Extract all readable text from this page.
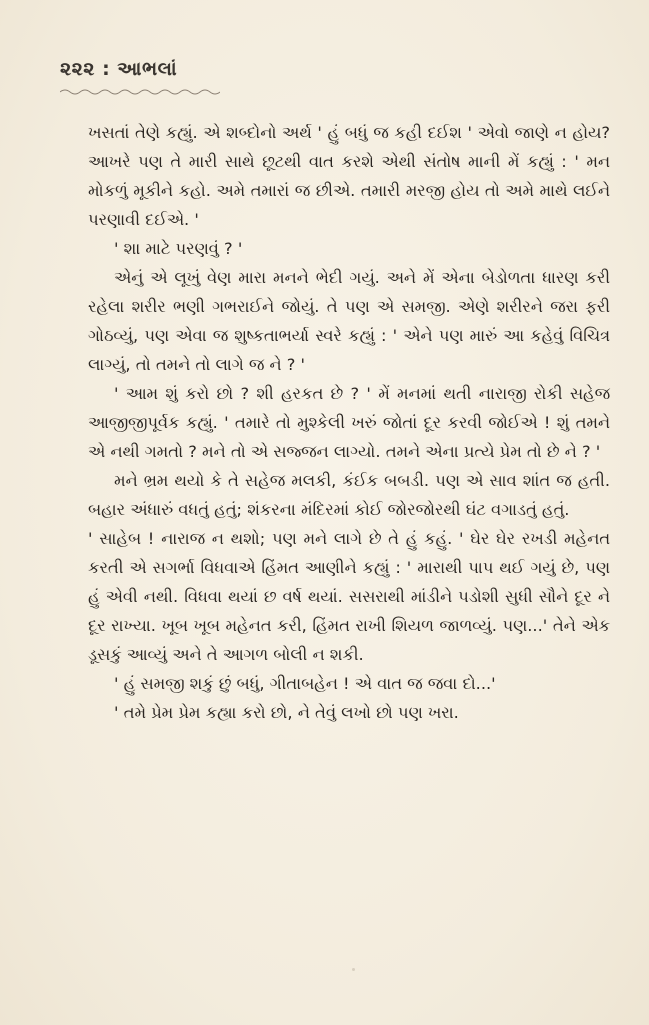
૨૨૨ : આભલાં

ખસતાં તેણે કહ્યું. એ શબ્દોનો અર્થ ' હું બધું જ કહી દઈશ ' એવો જાણે ન હોય? આખરે પણ તે મારી સાથે છૂટથી વાત કરશે એથી સંતોષ માની મેં કહ્યું : ' મન મોકળું મૂકીને કહો. અમે તમારાં જ છીએ. તમારી મરજી હોય તો અમે માથે લઈને પરણાવી દઈએ. '

' શા માટે પરણવું ? '

એનું એ લૂખું વેણ મારા મનને ભેદી ગયું. અને મેં એના બેડોળતા ધારણ કરી રહેલા શરીર ભણી ગભરાઈને જોયું. તે પણ એ સમજી. એણે શરીરને જરા ફરી ગોઠવ્યું, પણ એવા જ શુષ્કતાભર્યા સ્વરે કહ્યું : ' એને પણ મારું આ કહેવું વિચિત્ર લાગ્યું, તો તમને તો લાગે જ ને ? '

' આમ શું કરો છો ? શી હરકત છે ? ' મેં મનમાં થતી નારાજી રોકી સહેજ આજીજીપૂર્વક કહ્યું. ' તમારે તો મુશ્કેલી ખરું જોતાં દૂર કરવી જોઈએ ! શું તમને એ નથી ગમતો ? મને તો એ સજ્જન લાગ્યો. તમને એના પ્રત્યે પ્રેમ તો છે ને ? '

મને ભ્રમ થયો કે તે સહેજ મલકી, કંઈક બબડી. પણ એ સાવ શાંત જ હતી. બહાર અંધારું વધતું હતું; શંકરના મંદિરમાં કોઈ જોરજોરથી ઘંટ વગાડતું હતું.

' સાહેબ ! નારાજ ન થશો; પણ મને લાગે છે તે હું કહું. ' ઘેર ઘેર રખડી મહેનત કરતી એ સગર્ભા વિધવાએ હિંમત આણીને કહ્યું : ' મારાથી પાપ થઈ ગયું છે, પણ હું એવી નથી. વિધવા થયાં છ વર્ષ થયાં. સસરાથી માંડીને પડોશી સુધી સૌને દૂર ને દૂર રાખ્યા. ખૂબ ખૂબ મહેનત કરી, હિંમત રાખી શિયળ જાળવ્યું. પણ...' તેને એક ડૂસકું આવ્યું અને તે આગળ બોલી ન શકી.

' હું સમજી શકું છું બધું, ગીતાબહેન ! એ વાત જ જવા દો...'

' તમે પ્રેમ પ્રેમ કહ્યા કરો છો, ને તેવું લખો છો પણ ખરા.
